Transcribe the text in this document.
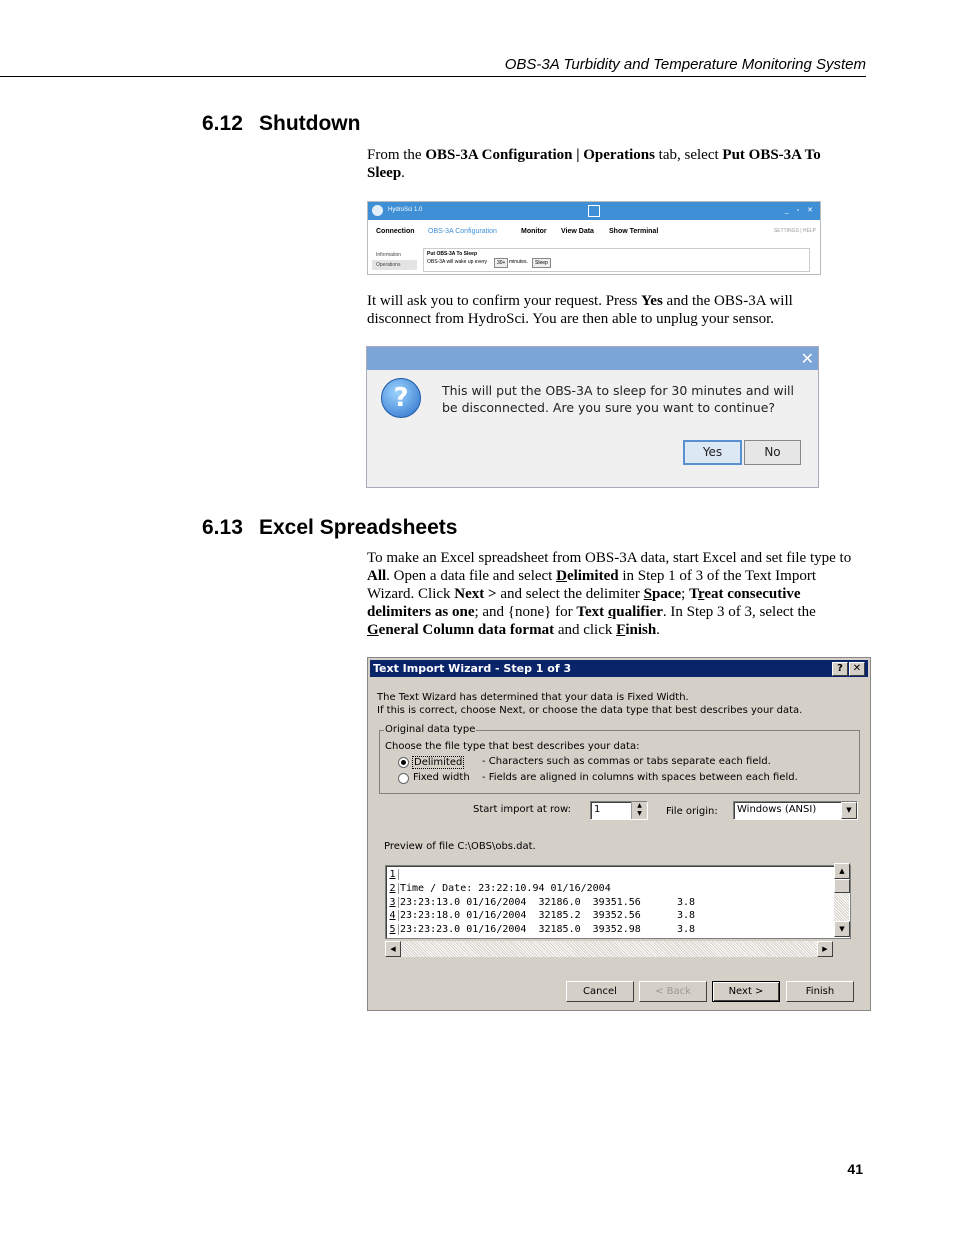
OBS-3A Turbidity and Temperature Monitoring System
6.12 Shutdown

From the OBS-3A Configuration | Operations tab, select Put OBS-3A To Sleep.

HydroSci 1.0	_ ▫ ✕
Connection OBS-3A Configuration	Monitor View Data Show Terminal	SETTINGS | HELP
Information
Operations
Put OBS-3A To Sleep
OBS-3A will wake up every	30+ minutes.	Sleep

It will ask you to confirm your request. Press Yes and the OBS-3A will disconnect from HydroSci. You are then able to unplug your sensor.

✕
?	This will put the OBS-3A to sleep for 30 minutes and will be disconnected. Are you sure you want to continue?
Yes	No
6.13 Excel Spreadsheets

To make an Excel spreadsheet from OBS-3A data, start Excel and set file type to All. Open a data file and select Delimited in Step 1 of 3 of the Text Import Wizard. Click Next > and select the delimiter Space; Treat consecutive delimiters as one; and {none} for Text qualifier. In Step 3 of 3, select the General Column data format and click Finish.

Text Import Wizard - Step 1 of 3	? ✕
The Text Wizard has determined that your data is Fixed Width.
If this is correct, choose Next, or choose the data type that best describes your data.
Original data type
Choose the file type that best describes your data:
Delimited - Characters such as commas or tabs separate each field.
Fixed width - Fields are aligned in columns with spaces between each field.
Start import at row: 1	▲
▼	File origin: Windows (ANSI)	▼
Preview of file C:\OBS\obs.dat.
1
2 Time / Date: 23:22:10.94 01/16/2004
3 23:23:13.0 01/16/2004  32186.0  39351.56      3.8
4 23:23:18.0 01/16/2004  32185.2  39352.56      3.8
5 23:23:23.0 01/16/2004  32185.0  39352.98      3.8
▲
▼
◀	▶
Cancel	< Back	Next >	Finish
41
